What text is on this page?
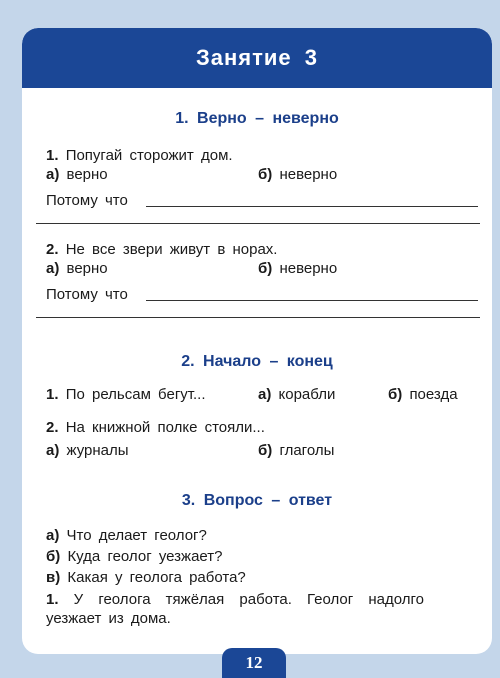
Занятие 3
1. Верно – неверно
1. Попугай сторожит дом.
а) верно	б) неверно
Потому что
2. Не все звери живут в норах.
а) верно	б) неверно
Потому что
2. Начало – конец
1. По рельсам бегут...	а) корабли	б) поезда
2. На книжной полке стояли...
а) журналы	б) глаголы
3. Вопрос – ответ
а) Что делает геолог?
б) Куда геолог уезжает?
в) Какая у геолога работа?
1. У геолога тяжёлая работа. Геолог надолго
уезжает из дома.
12
